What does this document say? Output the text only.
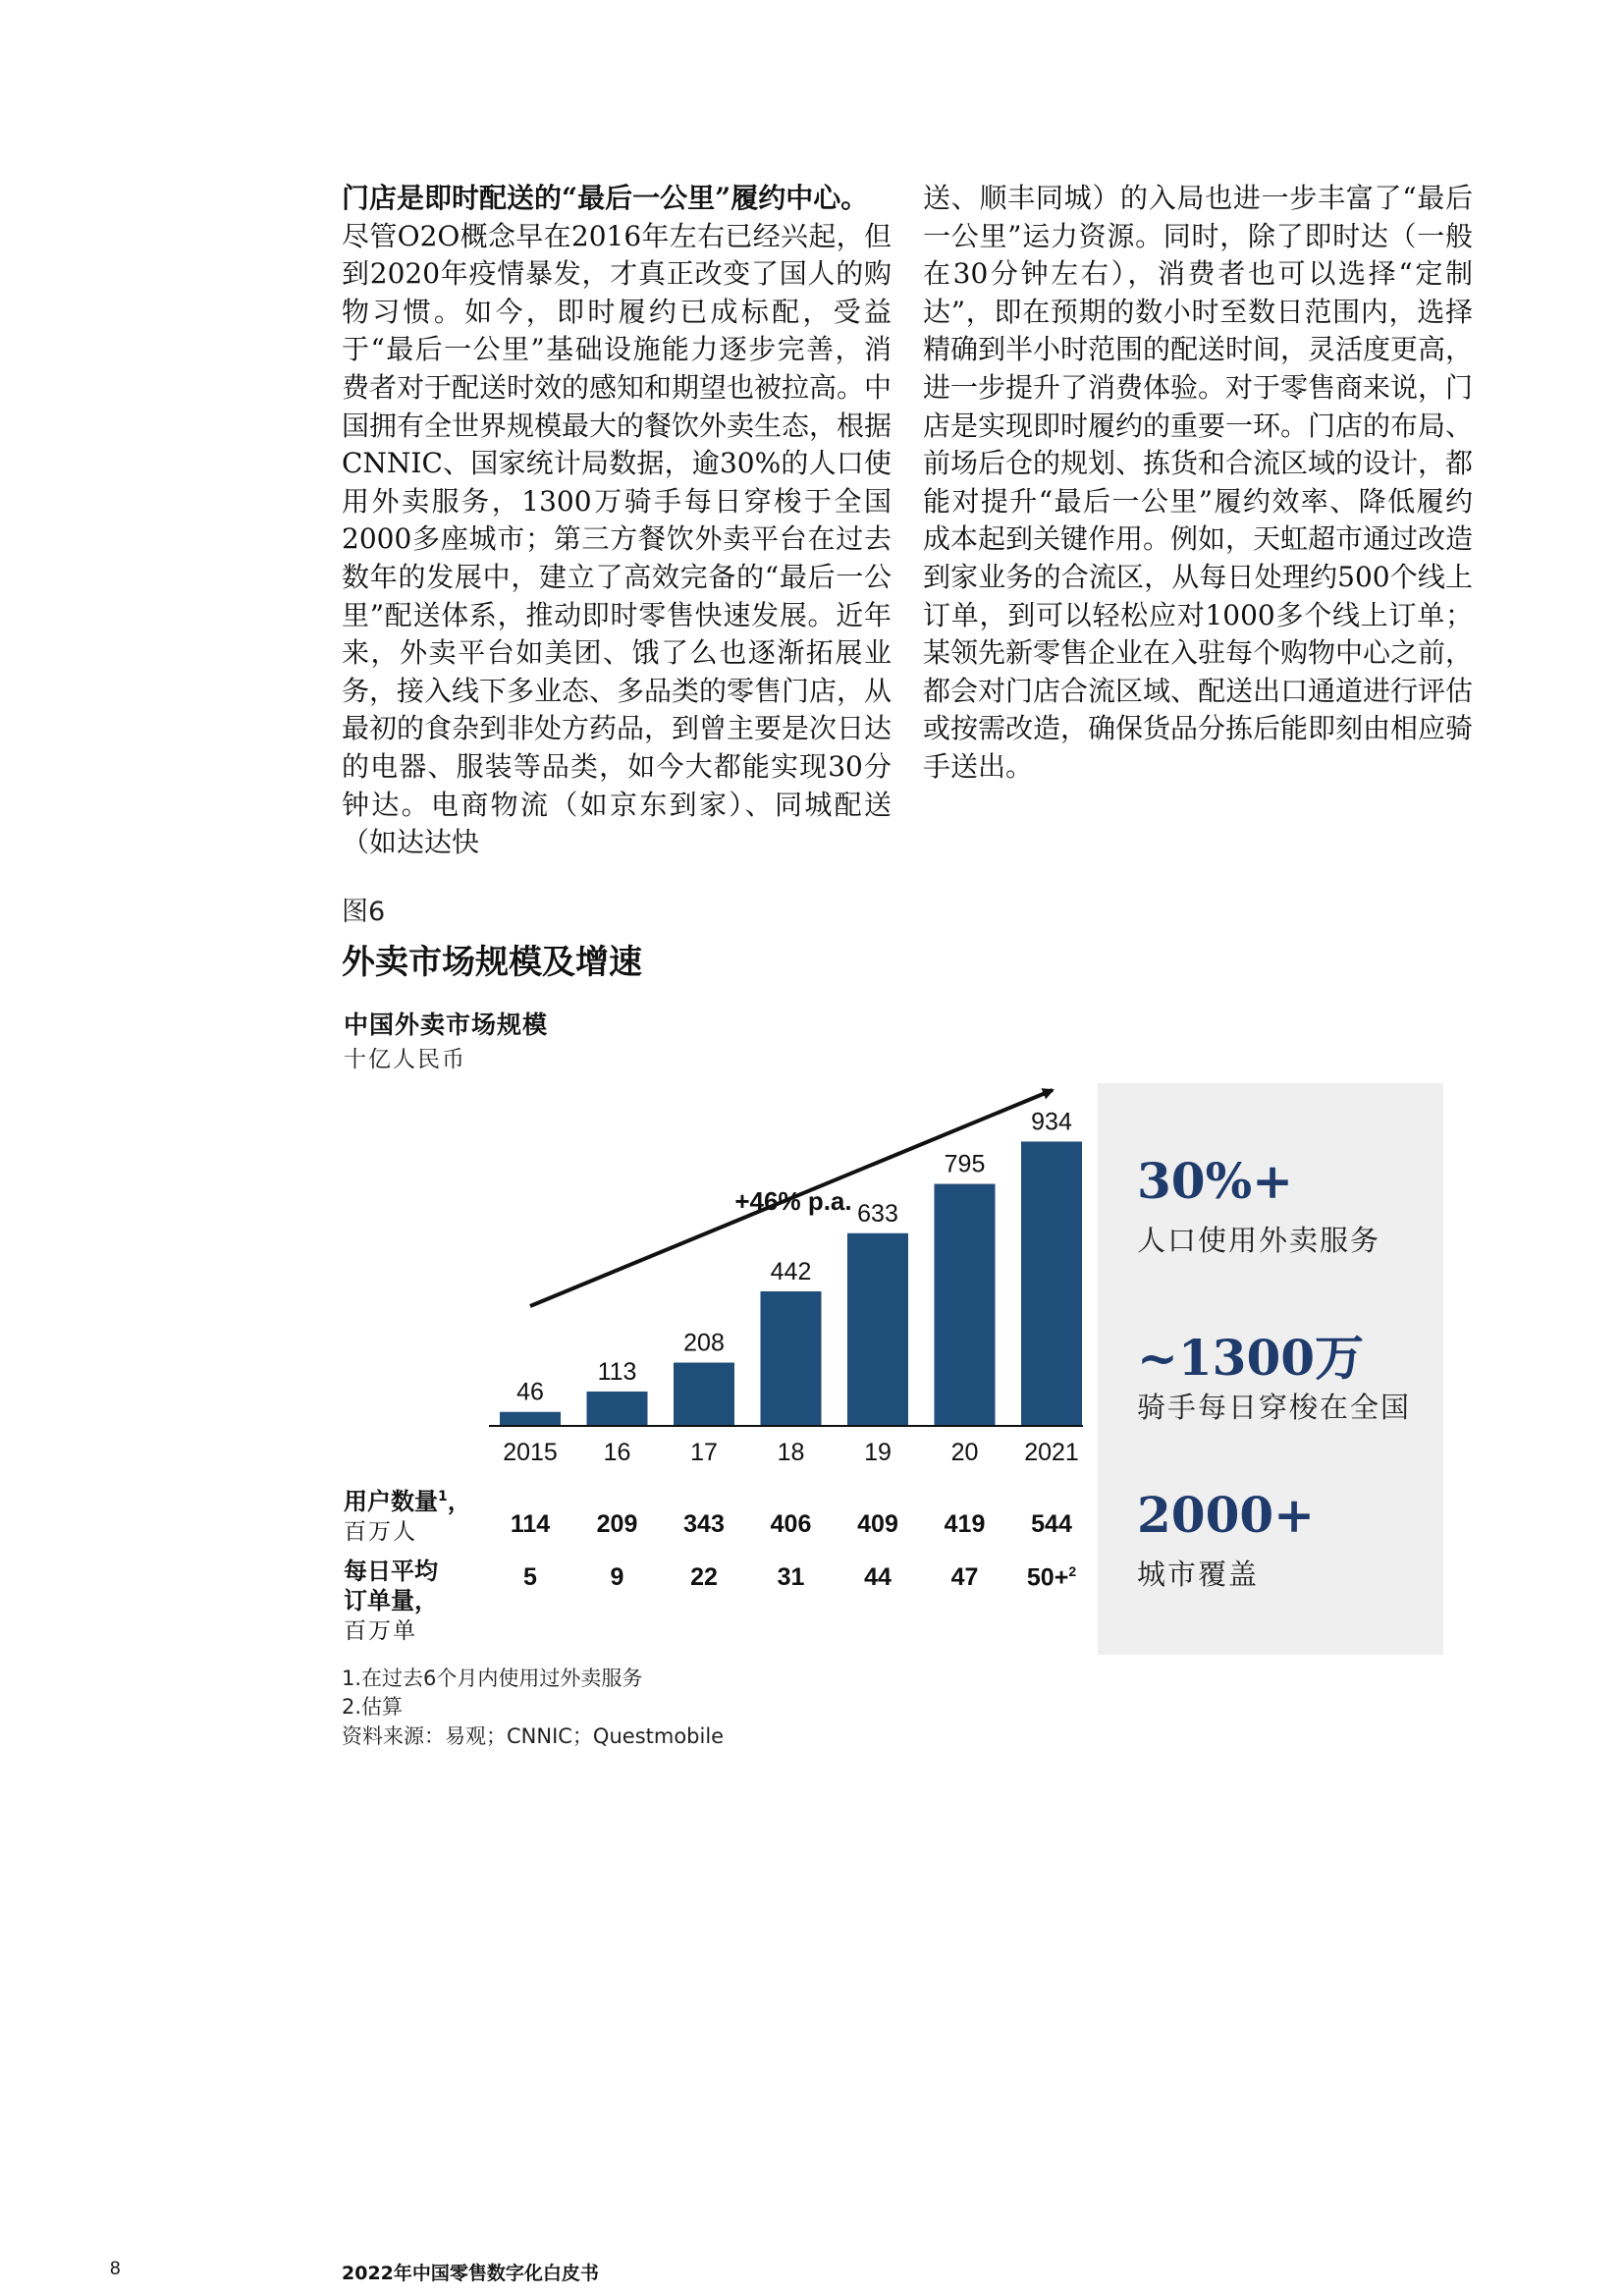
门店是即时配送的“最后一公里”履约中心。
尽管O2O概念早在2016年左右已经兴起，但到2020年疫情暴发，才真正改变了国人的购物习惯。如今，即时履约已成标配，受益于“最后一公里”基础设施能力逐步完善，消费者对于配送时效的感知和期望也被拉高。中国拥有全世界规模最大的餐饮外卖生态，根据CNNIC、国家统计局数据，逾30%的人口使用外卖服务，1300万骑手每日穿梭于全国2000多座城市；第三方餐饮外卖平台在过去数年的发展中，建立了高效完备的“最后一公里”配送体系，推动即时零售快速发展。近年来，外卖平台如美团、饿了么也逐渐拓展业务，接入线下多业态、多品类的零售门店，从最初的食杂到非处方药品，到曾主要是次日达的电器、服装等品类，如今大都能实现30分钟达。电商物流（如京东到家）、同城配送（如达达快
送、顺丰同城）的入局也进一步丰富了“最后一公里”运力资源。同时，除了即时达（一般在30分钟左右），消费者也可以选择“定制达”，即在预期的数小时至数日范围内，选择精确到半小时范围的配送时间，灵活度更高，进一步提升了消费体验。对于零售商来说，门店是实现即时履约的重要一环。门店的布局、前场后仓的规划、拣货和合流区域的设计，都能对提升“最后一公里”履约效率、降低履约成本起到关键作用。例如，天虹超市通过改造到家业务的合流区，从每日处理约500个线上订单，到可以轻松应对1000多个线上订单；某领先新零售企业在入驻每个购物中心之前，都会对门店合流区域、配送出口通道进行评估或按需改造，确保货品分拣后能即刻由相应骑手送出。
图6
外卖市场规模及增速
中国外卖市场规模
十亿人民币
46
2015
113
16
208
17
442
18
633
19
795
20
934
2021
+46% p.a.
用户数量$^1$，
百万人
每日平均订单量，
百万单
114	209	343	406	409	419	544
5	9	22	31	44	47	50+$^2$
30%+
人口使用外卖服务
~1300万
骑手每日穿梭在全国
2000+
城市覆盖
1.在过去6个月内使用过外卖服务
2.估算
资料来源：易观；CNNIC；Questmobile
8	2022年中国零售数字化白皮书
